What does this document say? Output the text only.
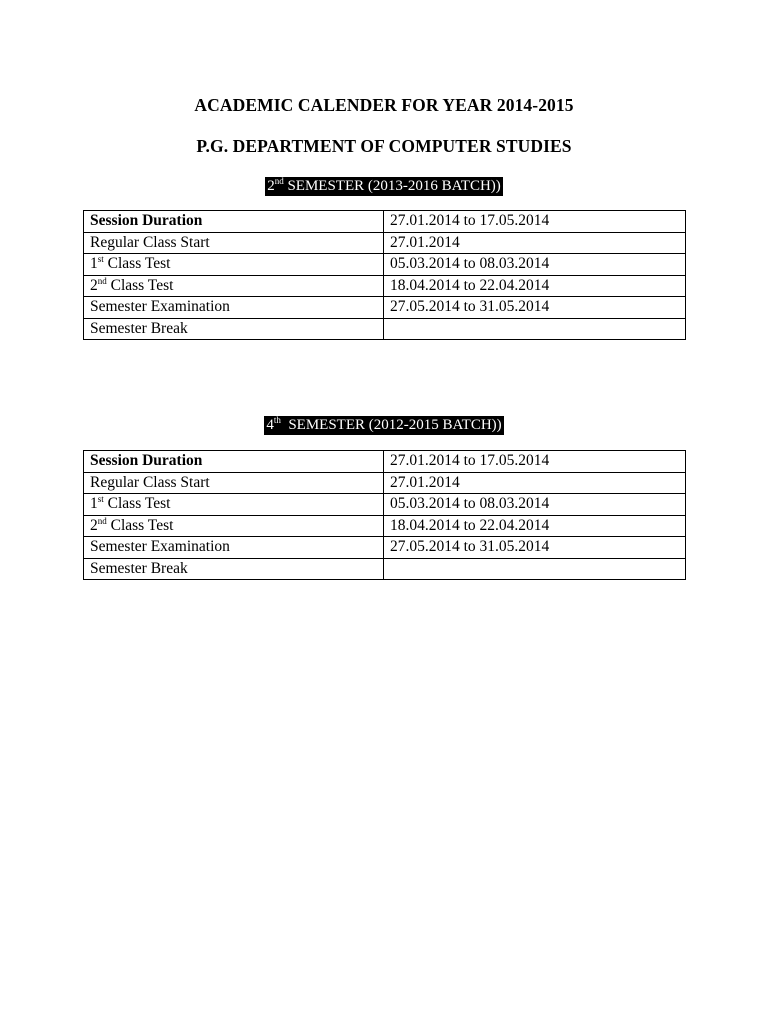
ACADEMIC CALENDER FOR YEAR 2014-2015
P.G. DEPARTMENT OF COMPUTER STUDIES
2nd SEMESTER (2013-2016 BATCH))
Session Duration	27.01.2014 to 17.05.2014
Regular Class Start	27.01.2014
1st Class Test	05.03.2014 to 08.03.2014
2nd Class Test	18.04.2014 to 22.04.2014
Semester Examination	27.05.2014 to 31.05.2014
Semester Break	
4th  SEMESTER (2012-2015 BATCH))
Session Duration	27.01.2014 to 17.05.2014
Regular Class Start	27.01.2014
1st Class Test	05.03.2014 to 08.03.2014
2nd Class Test	18.04.2014 to 22.04.2014
Semester Examination	27.05.2014 to 31.05.2014
Semester Break	
